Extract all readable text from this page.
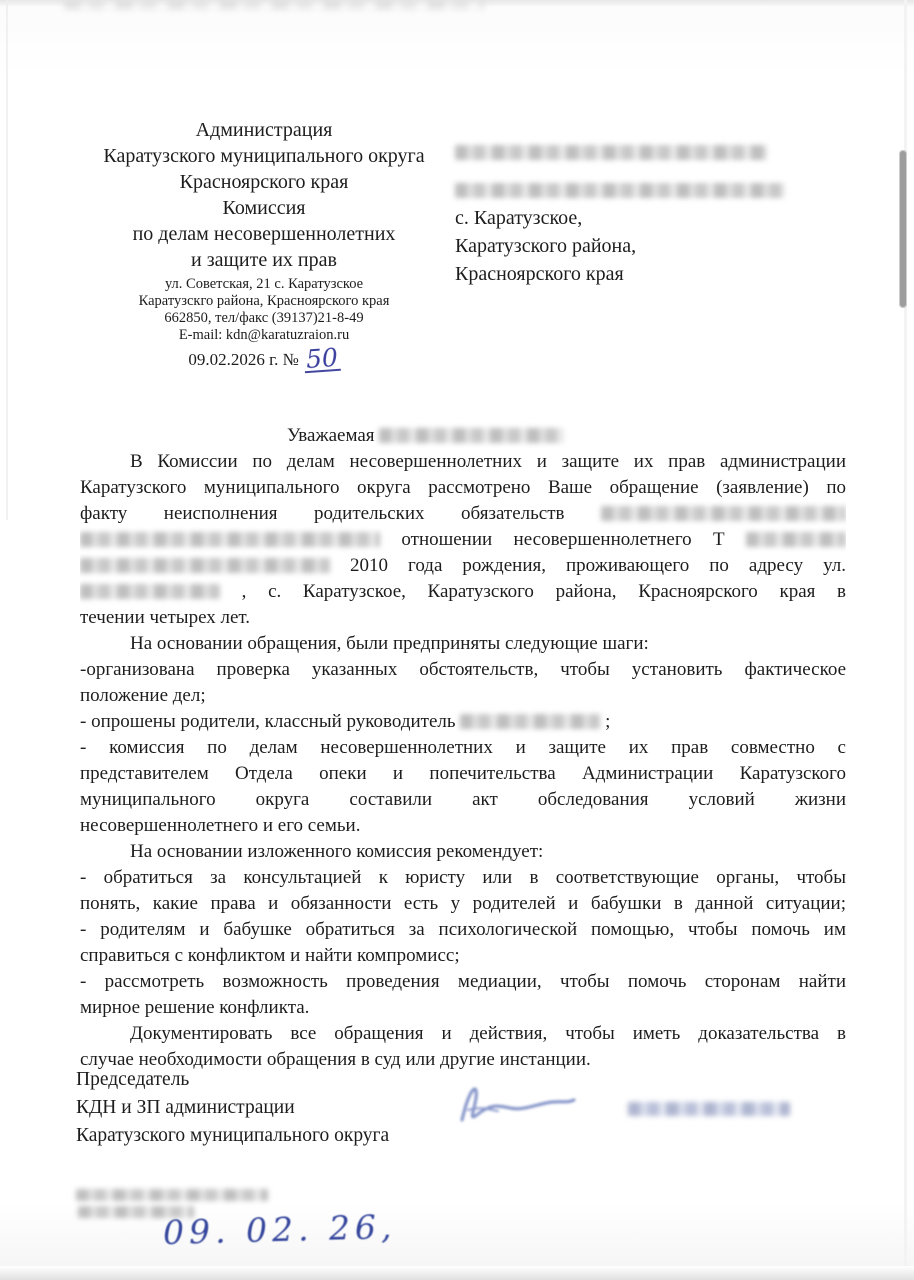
Администрация
Каратузского муниципального округа
Красноярского края
Комиссия
по делам несовершеннолетних
и защите их прав
ул. Советская, 21 с. Каратузское
Каратузскго района, Красноярского края
662850, тел/факс (39137)21-8-49
E-mail: kdn@karatuzraion.ru
09.02.2026 г. № 50
с. Каратузское,
Каратузского района,
Красноярского края
Уважаемая
В Комиссии по делам несовершеннолетних и защите их прав администрации
Каратузского муниципального округа рассмотрено Ваше обращение (заявление) по
факту неисполнения родительских обязательств
отношении несовершеннолетнего Т
2010 года рождения, проживающего по адресу ул.
, с. Каратузское, Каратузского района, Красноярского края в
течении четырех лет.
На основании обращения, были предприняты следующие шаги:
-организована проверка указанных обстоятельств, чтобы установить фактическое
положение дел;
- опрошены родители, классный руководитель	;
- комиссия по делам несовершеннолетних и защите их прав совместно с
представителем Отдела опеки и попечительства Администрации Каратузского
муниципального округа составили акт обследования условий жизни
несовершеннолетнего и его семьи.
На основании изложенного комиссия рекомендует:
- обратиться за консультацией к юристу или в соответствующие органы, чтобы
понять, какие права и обязанности есть у родителей и бабушки в данной ситуации;
- родителям и бабушке обратиться за психологической помощью, чтобы помочь им
справиться с конфликтом и найти компромисс;
- рассмотреть возможность проведения медиации, чтобы помочь сторонам найти
мирное решение конфликта.
Документировать все обращения и действия, чтобы иметь доказательства в
случае необходимости обращения в суд или другие инстанции.
Председатель
КДН и ЗП администрации
Каратузского муниципального округа
09. 02. 26,
